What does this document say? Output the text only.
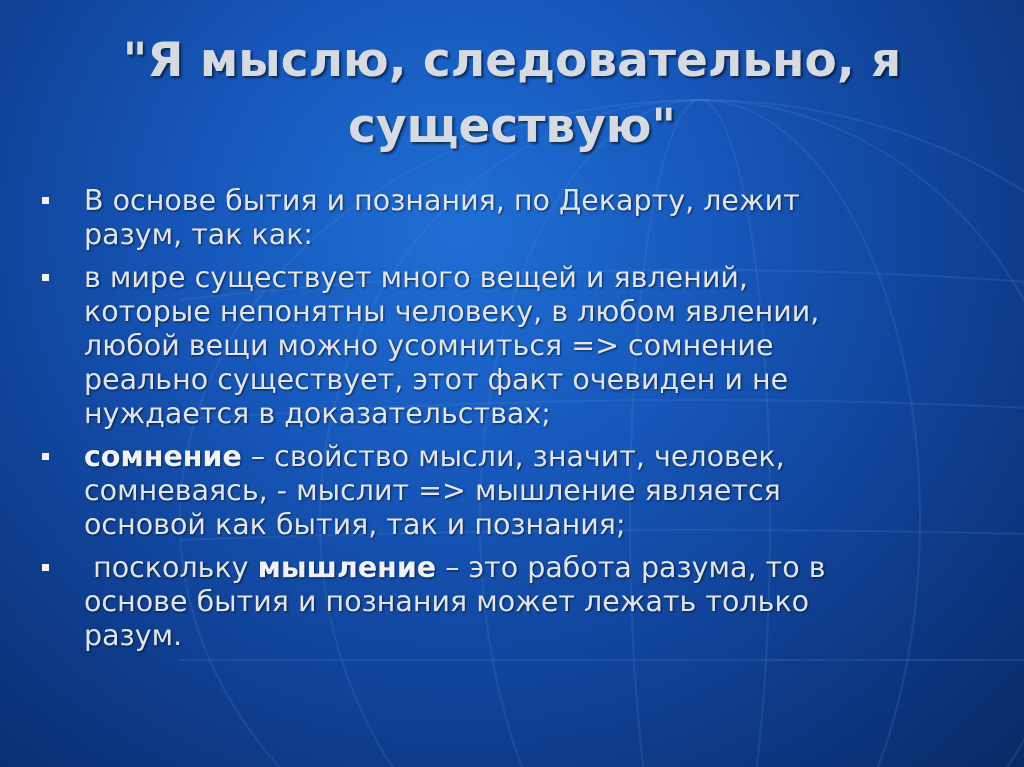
"Я мыслю, следовательно, я существую"
В основе бытия и познания, по Декарту, лежит разум, так как:
в мире существует много вещей и явлений, которые непонятны человеку, в любом явлении, любой вещи можно усомниться => сомнение реально существует, этот факт очевиден и не нуждается в доказательствах;
сомнение – свойство мысли, значит, человек, сомневаясь, - мыслит => мышление является основой как бытия, так и познания;
поскольку мышление – это работа разума, то в основе бытия и познания может лежать только разум.
